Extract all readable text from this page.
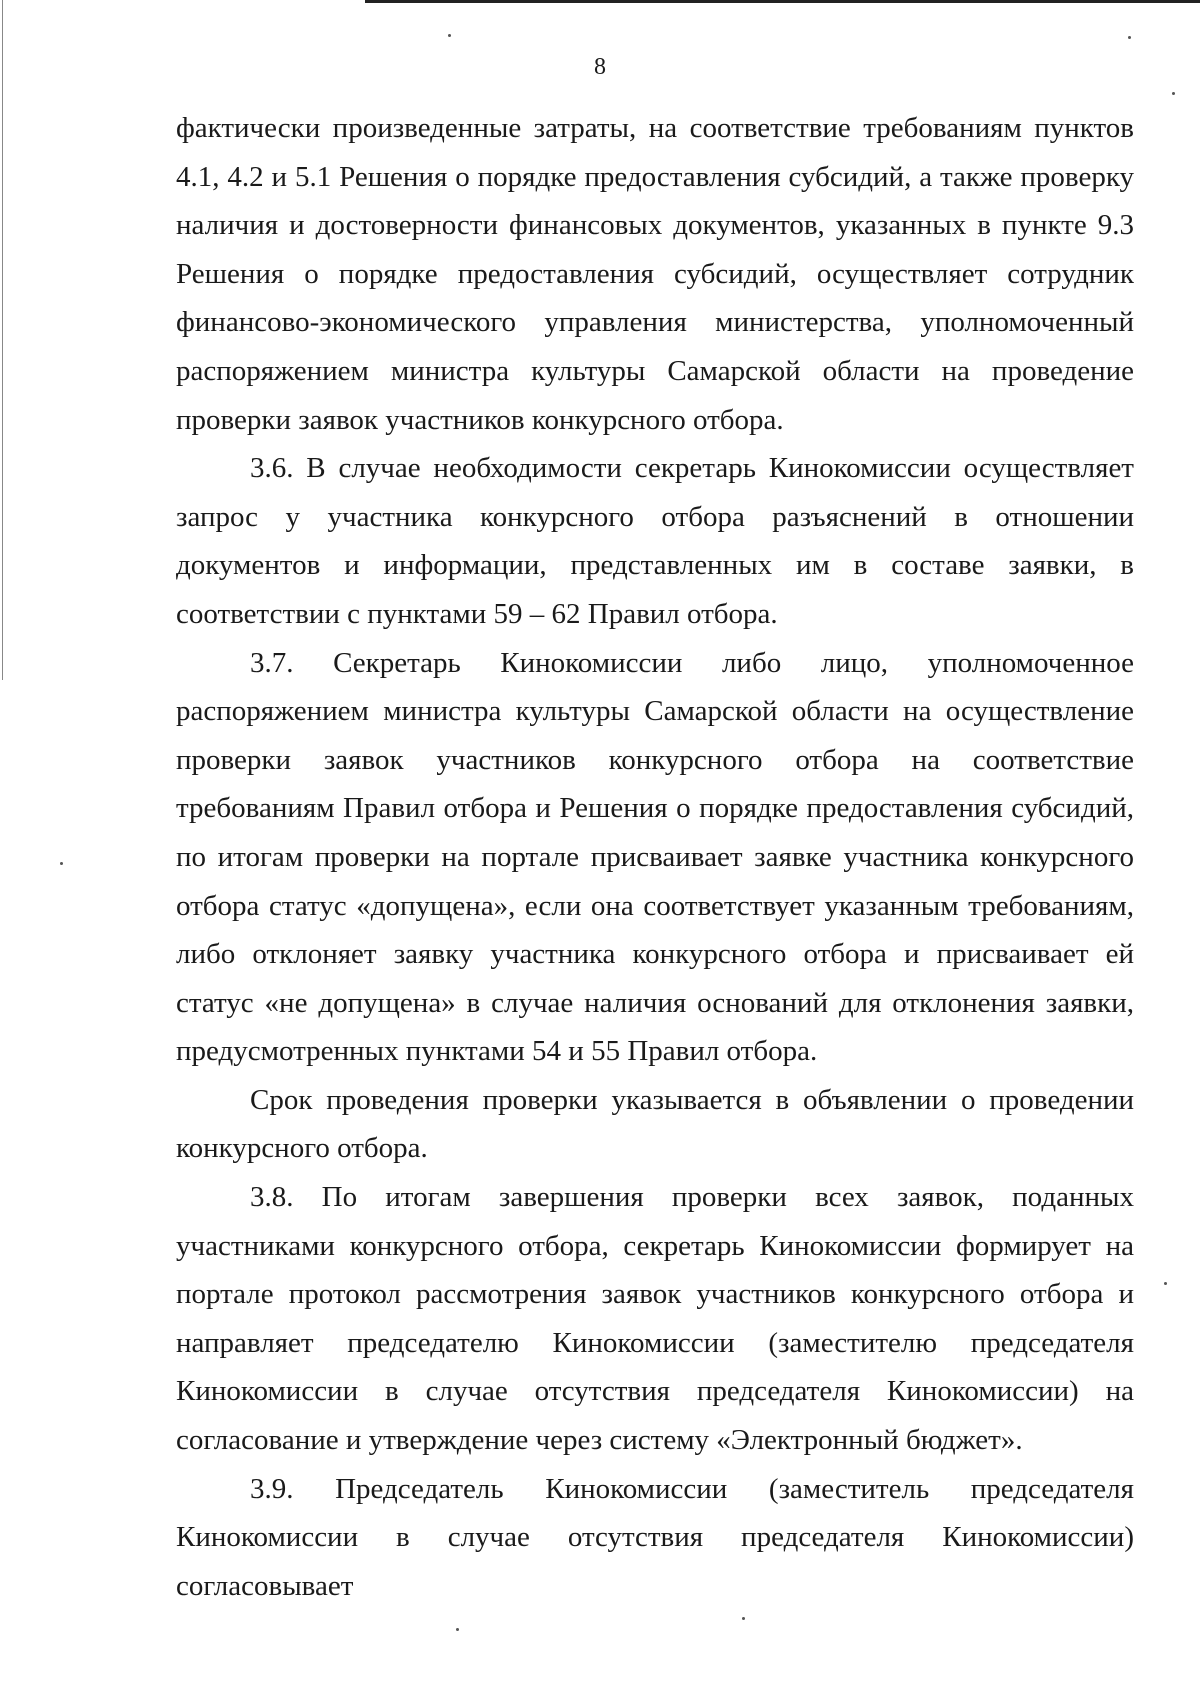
8

фактически произведенные затраты, на соответствие требованиям пунктов 4.1, 4.2 и 5.1 Решения о порядке предоставления субсидий, а также проверку наличия и достоверности финансовых документов, указанных в пункте 9.3 Решения о порядке предоставления субсидий, осуществляет сотрудник финансово-экономического управления министерства, уполномоченный распоряжением министра культуры Самарской области на проведение проверки заявок участников конкурсного отбора.

3.6. В случае необходимости секретарь Кинокомиссии осуществляет запрос у участника конкурсного отбора разъяснений в отношении документов и информации, представленных им в составе заявки, в соответствии с пунктами 59 – 62 Правил отбора.

3.7. Секретарь Кинокомиссии либо лицо, уполномоченное распоряжением министра культуры Самарской области на осуществление проверки заявок участников конкурсного отбора на соответствие требованиям Правил отбора и Решения о порядке предоставления субсидий, по итогам проверки на портале присваивает заявке участника конкурсного отбора статус «допущена», если она соответствует указанным требованиям, либо отклоняет заявку участника конкурсного отбора и присваивает ей статус «не допущена» в случае наличия оснований для отклонения заявки, предусмотренных пунктами 54 и 55 Правил отбора.

Срок проведения проверки указывается в объявлении о проведении конкурсного отбора.

3.8. По итогам завершения проверки всех заявок, поданных участниками конкурсного отбора, секретарь Кинокомиссии формирует на портале протокол рассмотрения заявок участников конкурсного отбора и направляет председателю Кинокомиссии (заместителю председателя Кинокомиссии в случае отсутствия председателя Кинокомиссии) на согласование и утверждение через систему «Электронный бюджет».

3.9. Председатель Кинокомиссии (заместитель председателя Кинокомиссии в случае отсутствия председателя Кинокомиссии) согласовывает
